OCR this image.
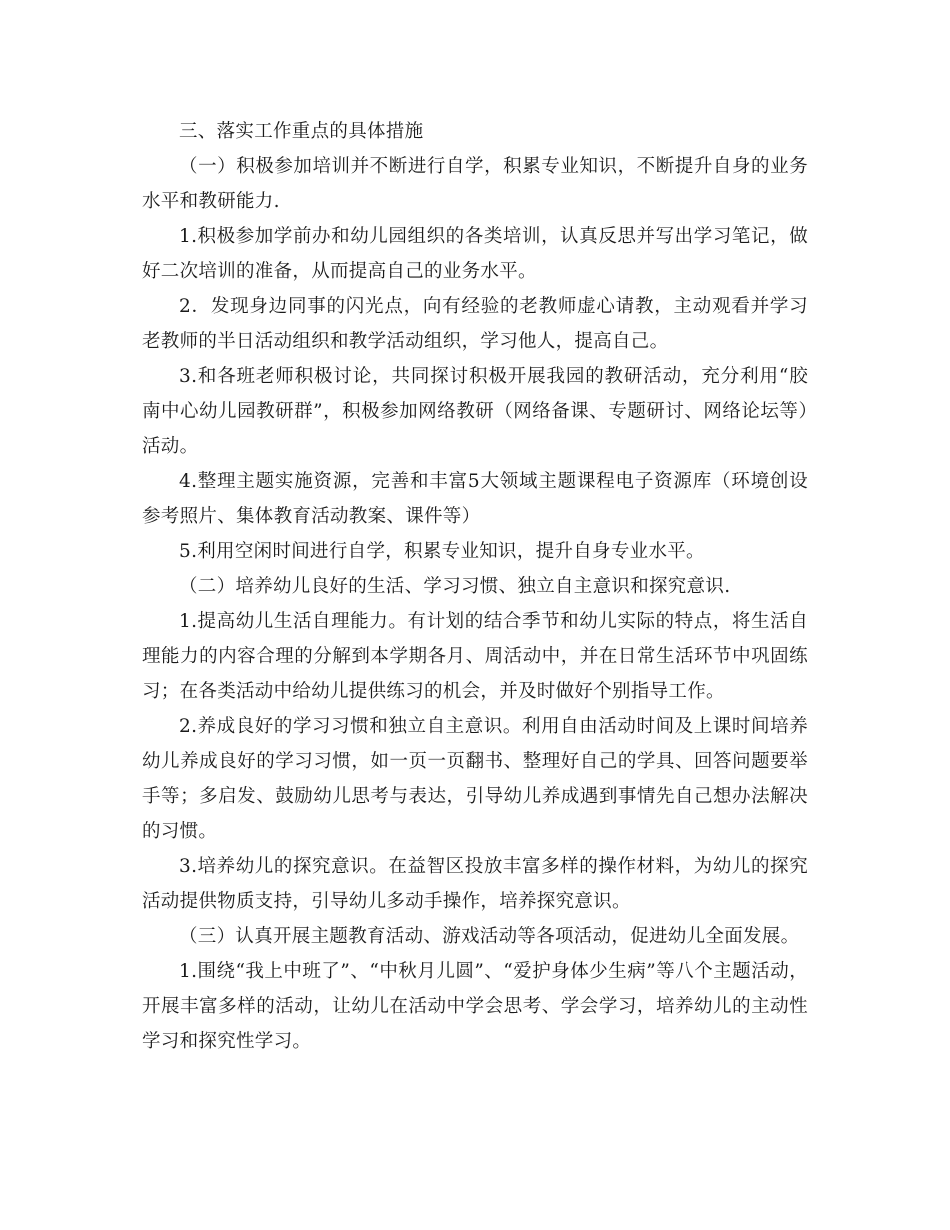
三、落实工作重点的具体措施

（一）积极参加培训并不断进行自学，积累专业知识，不断提升自身的业务水平和教研能力.

1.积极参加学前办和幼儿园组织的各类培训，认真反思并写出学习笔记，做好二次培训的准备，从而提高自己的业务水平。

2．发现身边同事的闪光点，向有经验的老教师虚心请教，主动观看并学习老教师的半日活动组织和教学活动组织，学习他人，提高自己。

3.和各班老师积极讨论，共同探讨积极开展我园的教研活动，充分利用“胶南中心幼儿园教研群”，积极参加网络教研（网络备课、专题研讨、网络论坛等）活动。

4.整理主题实施资源，完善和丰富5大领域主题课程电子资源库（环境创设参考照片、集体教育活动教案、课件等）

5.利用空闲时间进行自学，积累专业知识，提升自身专业水平。

（二）培养幼儿良好的生活、学习习惯、独立自主意识和探究意识.

1.提高幼儿生活自理能力。有计划的结合季节和幼儿实际的特点，将生活自理能力的内容合理的分解到本学期各月、周活动中，并在日常生活环节中巩固练习；在各类活动中给幼儿提供练习的机会，并及时做好个别指导工作。

2.养成良好的学习习惯和独立自主意识。利用自由活动时间及上课时间培养幼儿养成良好的学习习惯，如一页一页翻书、整理好自己的学具、回答问题要举手等；多启发、鼓励幼儿思考与表达，引导幼儿养成遇到事情先自己想办法解决的习惯。

3.培养幼儿的探究意识。在益智区投放丰富多样的操作材料，为幼儿的探究活动提供物质支持，引导幼儿多动手操作，培养探究意识。

（三）认真开展主题教育活动、游戏活动等各项活动，促进幼儿全面发展。

1.围绕“我上中班了”、“中秋月儿圆”、“爱护身体少生病”等八个主题活动，开展丰富多样的活动，让幼儿在活动中学会思考、学会学习，培养幼儿的主动性学习和探究性学习。
